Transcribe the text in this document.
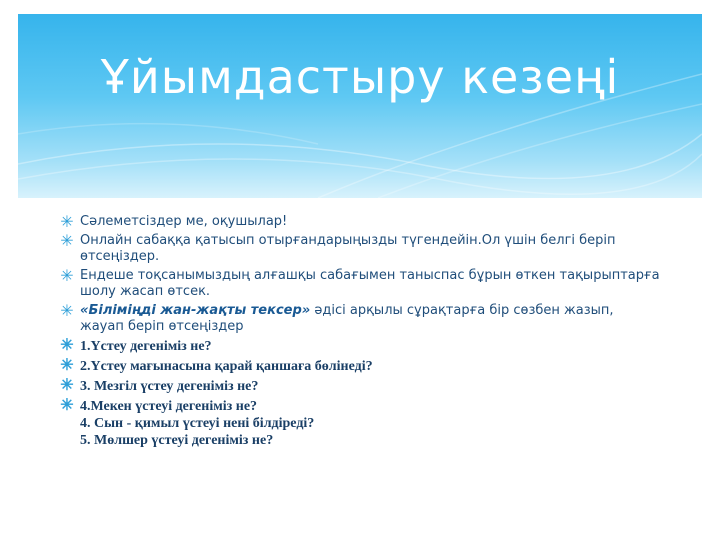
Ұйымдастыру кезеңі
✳ Сәлеметсіздер ме, оқушылар!
✳ Онлайн сабаққа қатысып отырғандарыңызды түгендейін.Ол үшін белгі беріп өтсеңіздер.
✳ Ендеше тоқсанымыздың алғашқы сабағымен таныспас бұрын өткен тақырыптарға шолу жасап өтсек.
✳ «Біліміңді жан-жақты тексер» әдісі арқылы сұрақтарға бір сөзбен жазып, жауап беріп өтсеңіздер
✳ 1.Үстеу дегеніміз не?
✳ 2.Үстеу мағынасына қарай қаншаға бөлінеді?
✳ 3. Мезгіл үстеу дегеніміз не?
✳ 4.Мекен үстеуі дегеніміз не?
4. Сын - қимыл үстеуі нені білдіреді?
5. Мөлшер үстеуі дегеніміз не?
